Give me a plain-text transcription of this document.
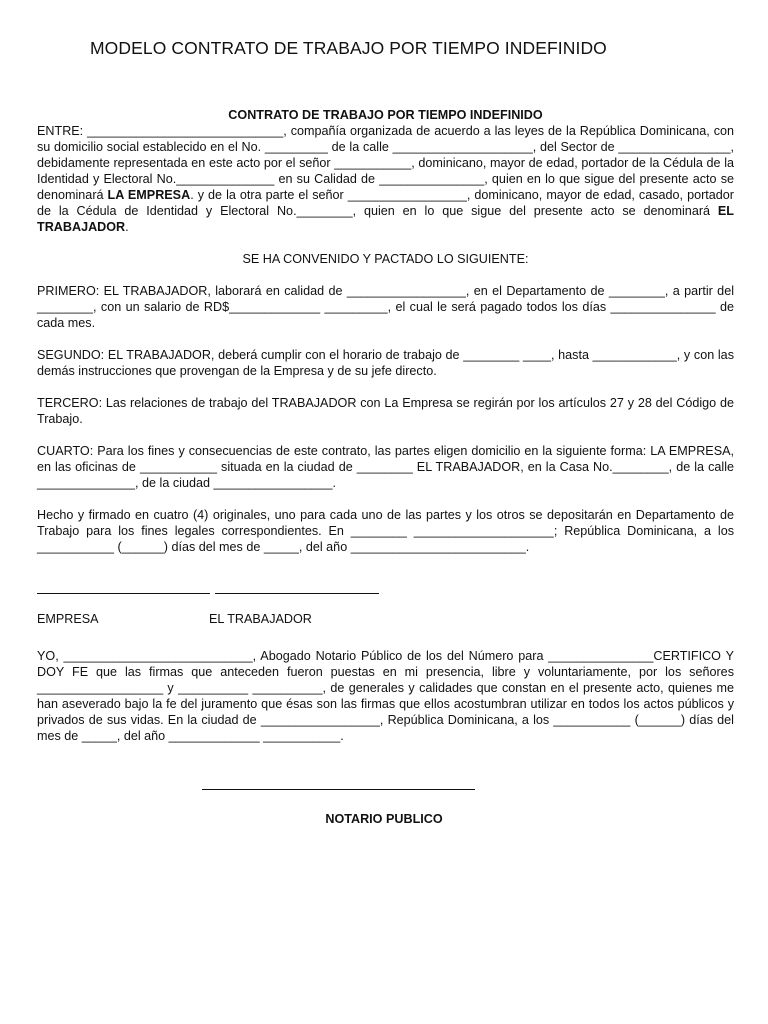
MODELO CONTRATO DE TRABAJO POR TIEMPO INDEFINIDO

CONTRATO DE TRABAJO POR TIEMPO INDEFINIDO

ENTRE: ____________________________, compañía organizada de acuerdo a las leyes de la República Dominicana, con su domicilio social establecido en el No. _________ de la calle ____________________, del Sector de ________________, debidamente representada en este acto por el señor ___________, dominicano, mayor de edad, portador de la Cédula de la Identidad y Electoral No.______________ en su Calidad de _______________, quien en lo que sigue del presente acto se denominará LA EMPRESA. y de la otra parte el señor _________________, dominicano, mayor de edad, casado, portador de la Cédula de Identidad y Electoral No.________, quien en lo que sigue del presente acto se denominará EL TRABAJADOR.

SE HA CONVENIDO Y PACTADO LO SIGUIENTE:

PRIMERO: EL TRABAJADOR, laborará en calidad de _________________, en el Departamento de ________, a partir del ________, con un salario de RD$_____________ _________, el cual le será pagado todos los días _______________ de cada mes.

SEGUNDO: EL TRABAJADOR, deberá cumplir con el horario de trabajo de ________ ____, hasta ____________, y con las demás instrucciones que provengan de la Empresa y de su jefe directo.

TERCERO: Las relaciones de trabajo del TRABAJADOR con La Empresa se regirán por los artículos 27 y 28 del Código de Trabajo.

CUARTO: Para los fines y consecuencias de este contrato, las partes eligen domicilio en la siguiente forma: LA EMPRESA, en las oficinas de ___________ situada en la ciudad de ________ EL TRABAJADOR, en la Casa No.________, de la calle ______________, de la ciudad _________________.

Hecho y firmado en cuatro (4) originales, uno para cada uno de las partes y los otros se depositarán en Departamento de Trabajo para los fines legales correspondientes. En ________ ____________________; República Dominicana, a los ___________ (______) días del mes de _____, del año _________________________.

EMPRESA	EL TRABAJADOR

YO, ___________________________, Abogado Notario Público de los del Número para _______________CERTIFICO Y DOY FE que las firmas que anteceden fueron puestas en mi presencia, libre y voluntariamente, por los señores __________________ y __________ __________, de generales y calidades que constan en el presente acto, quienes me han aseverado bajo la fe del juramento que ésas son las firmas que ellos acostumbran utilizar en todos los actos públicos y privados de sus vidas. En la ciudad de _________________, República Dominicana, a los ___________ (______) días del mes de _____, del año _____________ ___________.

NOTARIO PUBLICO
